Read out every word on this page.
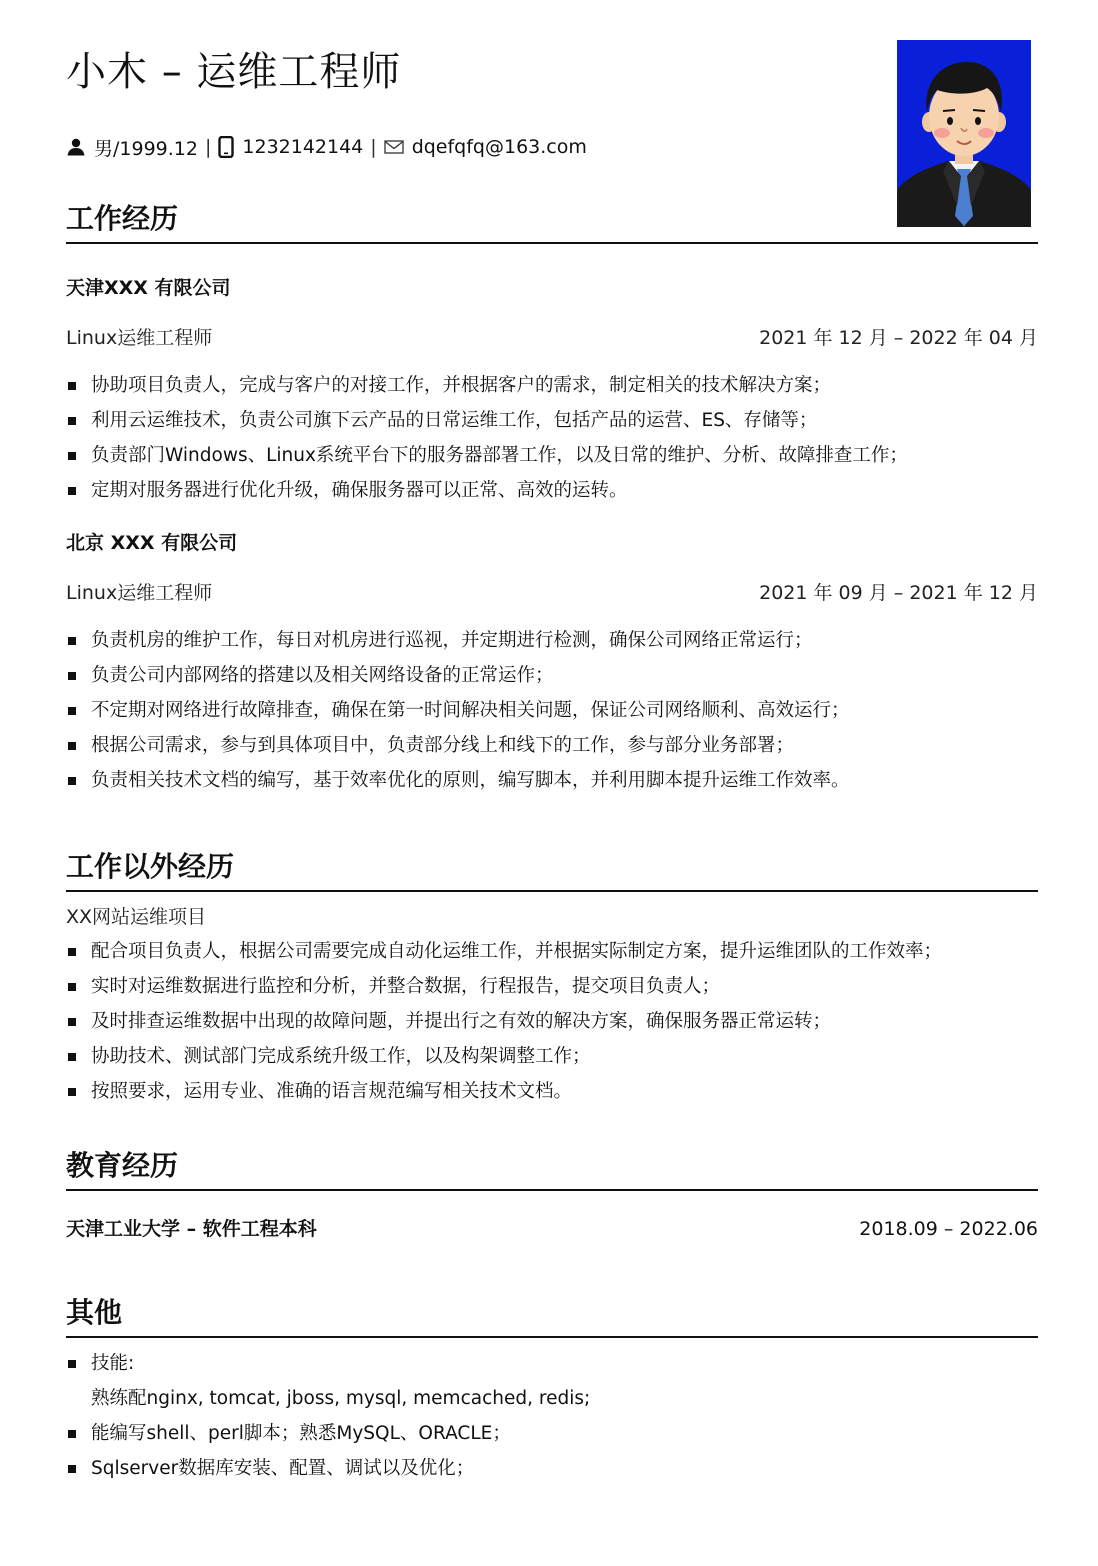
小木 – 运维工程师
男/1999.12 | 1232142144 | dqefqfq@163.com
工作经历
天津XXX 有限公司
Linux运维工程师	2021 年 12 月 – 2022 年 04 月
协助项目负责人，完成与客户的对接工作，并根据客户的需求，制定相关的技术解决方案；
利用云运维技术，负责公司旗下云产品的日常运维工作，包括产品的运营、ES、存储等；
负责部门Windows、Linux系统平台下的服务器部署工作，以及日常的维护、分析、故障排查工作；
定期对服务器进行优化升级，确保服务器可以正常、高效的运转。
北京 XXX 有限公司
Linux运维工程师	2021 年 09 月 – 2021 年 12 月
负责机房的维护工作，每日对机房进行巡视，并定期进行检测，确保公司网络正常运行；
负责公司内部网络的搭建以及相关网络设备的正常运作；
不定期对网络进行故障排查，确保在第一时间解决相关问题，保证公司网络顺利、高效运行；
根据公司需求，参与到具体项目中，负责部分线上和线下的工作，参与部分业务部署；
负责相关技术文档的编写，基于效率优化的原则，编写脚本，并利用脚本提升运维工作效率。
工作以外经历
XX网站运维项目
配合项目负责人，根据公司需要完成自动化运维工作，并根据实际制定方案，提升运维团队的工作效率；
实时对运维数据进行监控和分析，并整合数据，行程报告，提交项目负责人；
及时排查运维数据中出现的故障问题，并提出行之有效的解决方案，确保服务器正常运转；
协助技术、测试部门完成系统升级工作，以及构架调整工作；
按照要求，运用专业、准确的语言规范编写相关技术文档。
教育经历
天津工业大学 – 软件工程本科	2018.09 – 2022.06
其他
技能:
熟练配nginx, tomcat, jboss, mysql, memcached, redis;
能编写shell、perl脚本；熟悉MySQL、ORACLE；
Sqlserver数据库安装、配置、调试以及优化；
